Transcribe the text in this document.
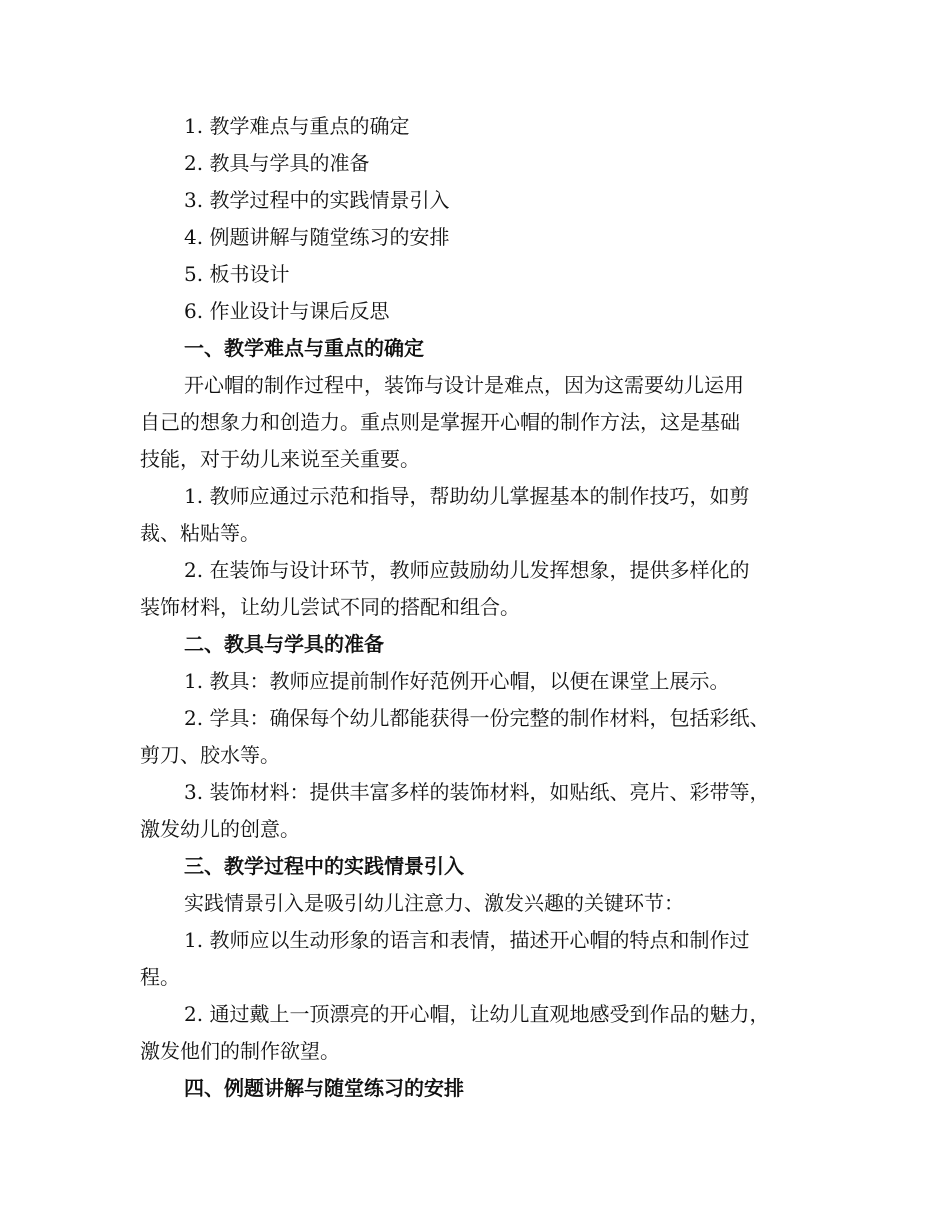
1. 教学难点与重点的确定
2. 教具与学具的准备
3. 教学过程中的实践情景引入
4. 例题讲解与随堂练习的安排
5. 板书设计
6. 作业设计与课后反思
一、教学难点与重点的确定
开心帽的制作过程中，装饰与设计是难点，因为这需要幼儿运用
自己的想象力和创造力。重点则是掌握开心帽的制作方法，这是基础
技能，对于幼儿来说至关重要。
1. 教师应通过示范和指导，帮助幼儿掌握基本的制作技巧，如剪
裁、粘贴等。
2. 在装饰与设计环节，教师应鼓励幼儿发挥想象，提供多样化的
装饰材料，让幼儿尝试不同的搭配和组合。
二、教具与学具的准备
1. 教具：教师应提前制作好范例开心帽，以便在课堂上展示。
2. 学具：确保每个幼儿都能获得一份完整的制作材料，包括彩纸、
剪刀、胶水等。
3. 装饰材料：提供丰富多样的装饰材料，如贴纸、亮片、彩带等，
激发幼儿的创意。
三、教学过程中的实践情景引入
实践情景引入是吸引幼儿注意力、激发兴趣的关键环节：
1. 教师应以生动形象的语言和表情，描述开心帽的特点和制作过
程。
2. 通过戴上一顶漂亮的开心帽，让幼儿直观地感受到作品的魅力，
激发他们的制作欲望。
四、例题讲解与随堂练习的安排
